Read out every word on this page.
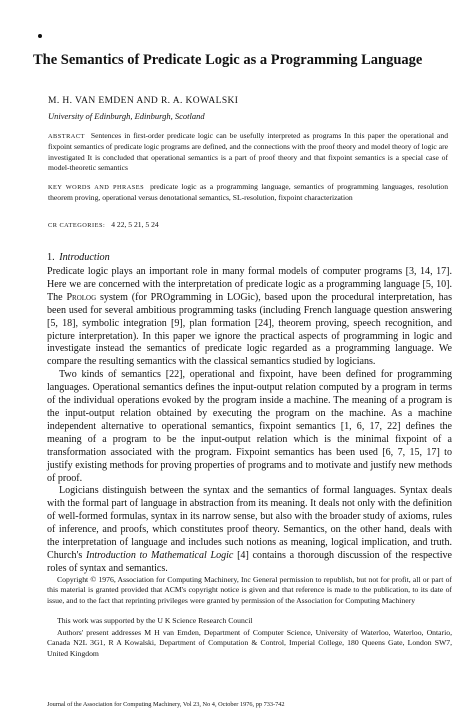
The Semantics of Predicate Logic as a Programming Language
M. H. VAN EMDEN AND R. A. KOWALSKI
University of Edinburgh, Edinburgh, Scotland
ABSTRACT Sentences in first-order predicate logic can be usefully interpreted as programs In this paper the operational and fixpoint semantics of predicate logic programs are defined, and the connections with the proof theory and model theory of logic are investigated It is concluded that operational semantics is a part of proof theory and that fixpoint semantics is a special case of model-theoretic semantics
KEY WORDS AND PHRASES predicate logic as a programming language, semantics of programming languages, resolution theorem proving, operational versus denotational semantics, SL-resolution, fixpoint characterization
CR CATEGORIES: 4 22, 5 21, 5 24
1. Introduction

Predicate logic plays an important role in many formal models of computer programs [3, 14, 17]. Here we are concerned with the interpretation of predicate logic as a programming language [5, 10]. The Prolog system (for PROgramming in LOGic), based upon the procedural interpretation, has been used for several ambitious programming tasks (including French language question answering [5, 18], symbolic integration [9], plan formation [24], theorem proving, speech recognition, and picture interpretation). In this paper we ignore the practical aspects of programming in logic and investigate instead the semantics of predicate logic regarded as a programming language. We compare the resulting semantics with the classical semantics studied by logicians.

Two kinds of semantics [22], operational and fixpoint, have been defined for programming languages. Operational semantics defines the input-output relation computed by a program in terms of the individual operations evoked by the program inside a machine. The meaning of a program is the input-output relation obtained by executing the program on the machine. As a machine independent alternative to operational semantics, fixpoint semantics [1, 6, 17, 22] defines the meaning of a program to be the input-output relation which is the minimal fixpoint of a transformation associated with the program. Fixpoint semantics has been used [6, 7, 15, 17] to justify existing methods for proving properties of programs and to motivate and justify new methods of proof.

Logicians distinguish between the syntax and the semantics of formal languages. Syntax deals with the formal part of language in abstraction from its meaning. It deals not only with the definition of well-formed formulas, syntax in its narrow sense, but also with the broader study of axioms, rules of inference, and proofs, which constitutes proof theory. Semantics, on the other hand, deals with the interpretation of language and includes such notions as meaning, logical implication, and truth. Church's Introduction to Mathematical Logic [4] contains a thorough discussion of the respective roles of syntax and semantics.

Copyright © 1976, Association for Computing Machinery, Inc General permission to republish, but not for profit, all or part of this material is granted provided that ACM's copyright notice is given and that reference is made to the publication, to its date of issue, and to the fact that reprinting privileges were granted by permission of the Association for Computing Machinery
This work was supported by the U K Science Research Council
Authors' present addresses M H van Emden, Department of Computer Science, University of Waterloo, Waterloo, Ontario, Canada N2L 3G1, R A Kowalski, Department of Computation & Control, Imperial College, 180 Queens Gate, London SW7, United Kingdom
Journal of the Association for Computing Machinery, Vol 23, No 4, October 1976, pp 733-742
